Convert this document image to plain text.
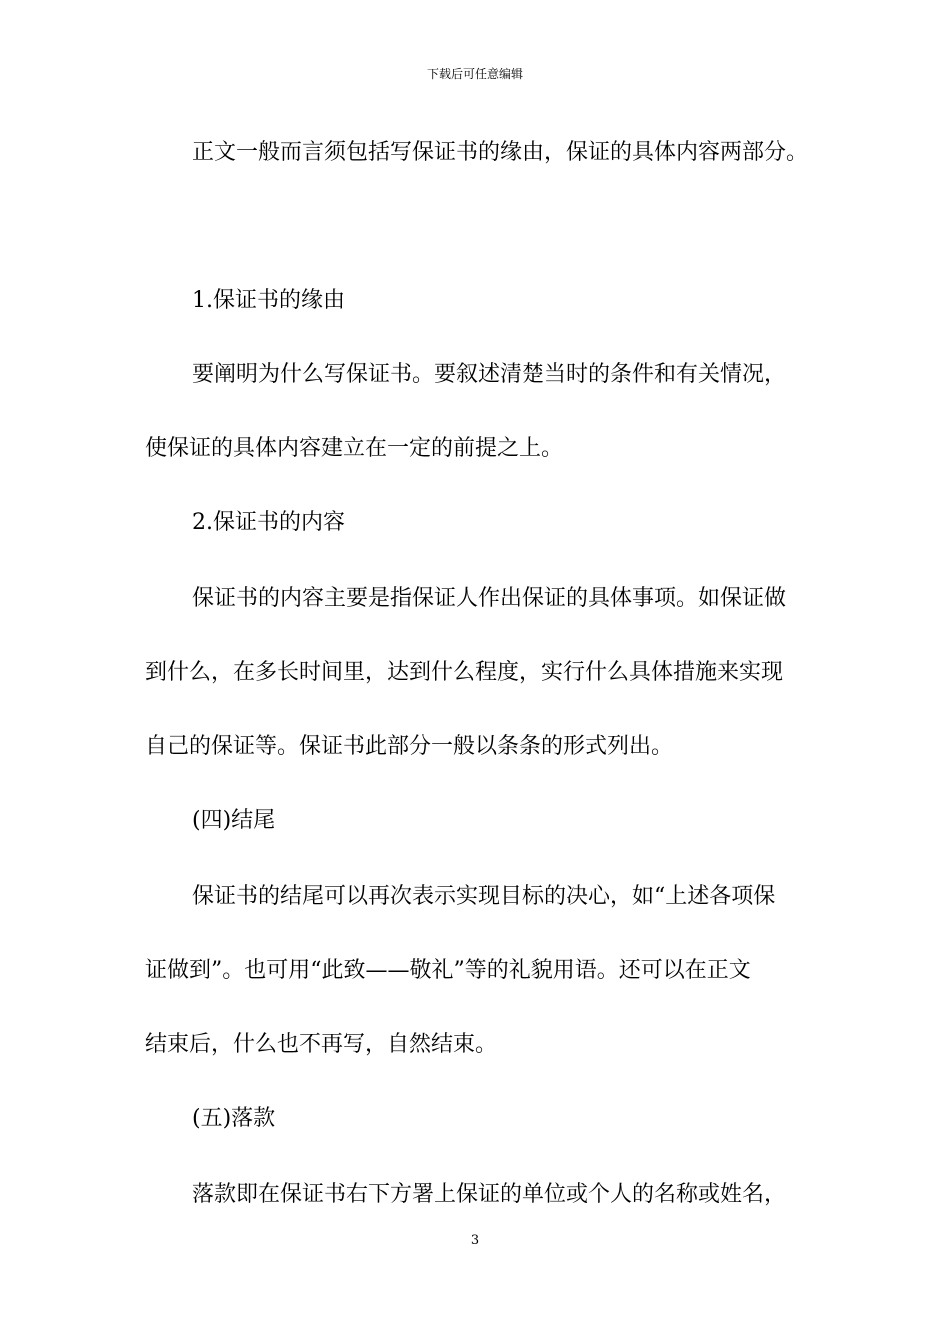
下载后可任意编辑
正文一般而言须包括写保证书的缘由，保证的具体内容两部分。
1.保证书的缘由
要阐明为什么写保证书。要叙述清楚当时的条件和有关情况，
使保证的具体内容建立在一定的前提之上。
2.保证书的内容
保证书的内容主要是指保证人作出保证的具体事项。如保证做
到什么，在多长时间里，达到什么程度，实行什么具体措施来实现
自己的保证等。保证书此部分一般以条条的形式列出。
(四)结尾
保证书的结尾可以再次表示实现目标的决心，如“上述各项保
证做到”。也可用“此致——敬礼”等的礼貌用语。还可以在正文
结束后，什么也不再写，自然结束。
(五)落款
落款即在保证书右下方署上保证的单位或个人的名称或姓名，
3
